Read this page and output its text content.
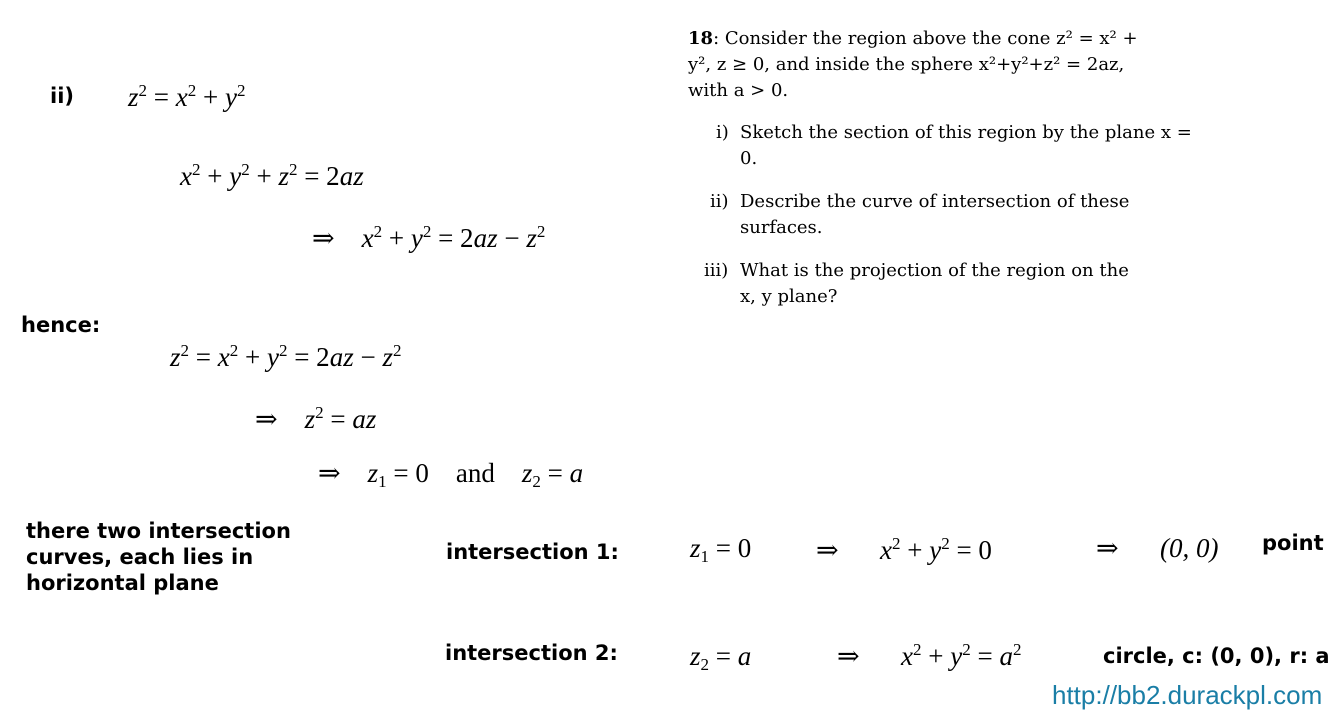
ii)
hence:
there two intersection
curves, each lies in
horizontal plane
intersection 1:
intersection 2:
point
circle, c: (0, 0), r: a
$z^2 = x^2 + y^2$
$x^2 + y^2 + z^2 = 2az$
⇒    $x^2 + y^2 = 2az - z^2$
$z^2 = x^2 + y^2 = 2az - z^2$
⇒    $z^2$ = az
⇒    $z_1 = 0$ and    $z_2 = a$
$z_1 = 0$ ⇒ $x^2 + y^2 = 0$	⇒ (0, 0)
$z_2 = a$	⇒ $x^2 + y^2 = a^2$
18: Consider the region above the cone z² = x² +
y², z ≥ 0, and inside the sphere x²+y²+z² = 2az,
with a > 0.
i) Sketch the section of this region by the plane x =
0.
ii) Describe the curve of intersection of these
surfaces.
iii) What is the projection of the region on the
x, y plane?
http://bb2.durackpl.com
